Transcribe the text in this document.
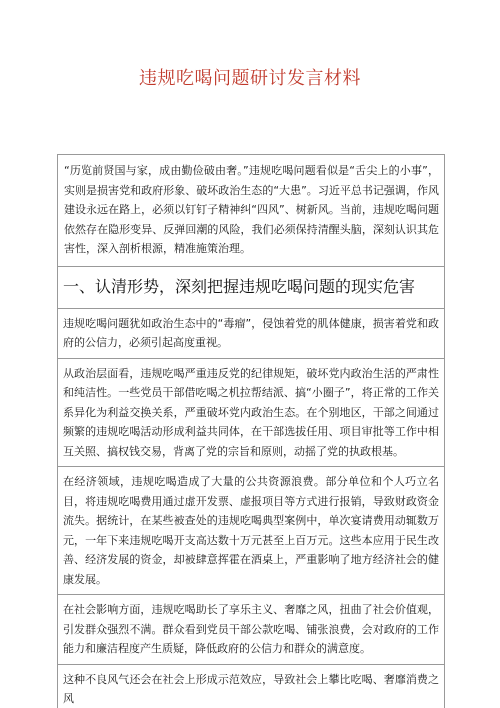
违规吃喝问题研讨发言材料

“历览前贤国与家，成由勤俭破由奢。”违规吃喝问题看似是“舌尖上的小事”，实则是损害党和政府形象、破坏政治生态的“大患”。习近平总书记强调，作风建设永远在路上，必须以钉钉子精神纠“四风”、树新风。当前，违规吃喝问题依然存在隐形变异、反弹回潮的风险，我们必须保持清醒头脑，深刻认识其危害性，深入剖析根源，精准施策治理。

一、认清形势，深刻把握违规吃喝问题的现实危害

违规吃喝问题犹如政治生态中的“毒瘤”，侵蚀着党的肌体健康，损害着党和政府的公信力，必须引起高度重视。

从政治层面看，违规吃喝严重违反党的纪律规矩，破坏党内政治生活的严肃性和纯洁性。一些党员干部借吃喝之机拉帮结派、搞“小圈子”，将正常的工作关系异化为利益交换关系，严重破坏党内政治生态。在个别地区，干部之间通过频繁的违规吃喝活动形成利益共同体，在干部选拔任用、项目审批等工作中相互关照、搞权钱交易，背离了党的宗旨和原则，动摇了党的执政根基。

在经济领域，违规吃喝造成了大量的公共资源浪费。部分单位和个人巧立名目，将违规吃喝费用通过虚开发票、虚报项目等方式进行报销，导致财政资金流失。据统计，在某些被查处的违规吃喝典型案例中，单次宴请费用动辄数万元，一年下来违规吃喝开支高达数十万元甚至上百万元。这些本应用于民生改善、经济发展的资金，却被肆意挥霍在酒桌上，严重影响了地方经济社会的健康发展。

在社会影响方面，违规吃喝助长了享乐主义、奢靡之风，扭曲了社会价值观，引发群众强烈不满。群众看到党员干部公款吃喝、铺张浪费，会对政府的工作能力和廉洁程度产生质疑，降低政府的公信力和群众的满意度。

这种不良风气还会在社会上形成示范效应，导致社会上攀比吃喝、奢靡消费之风
